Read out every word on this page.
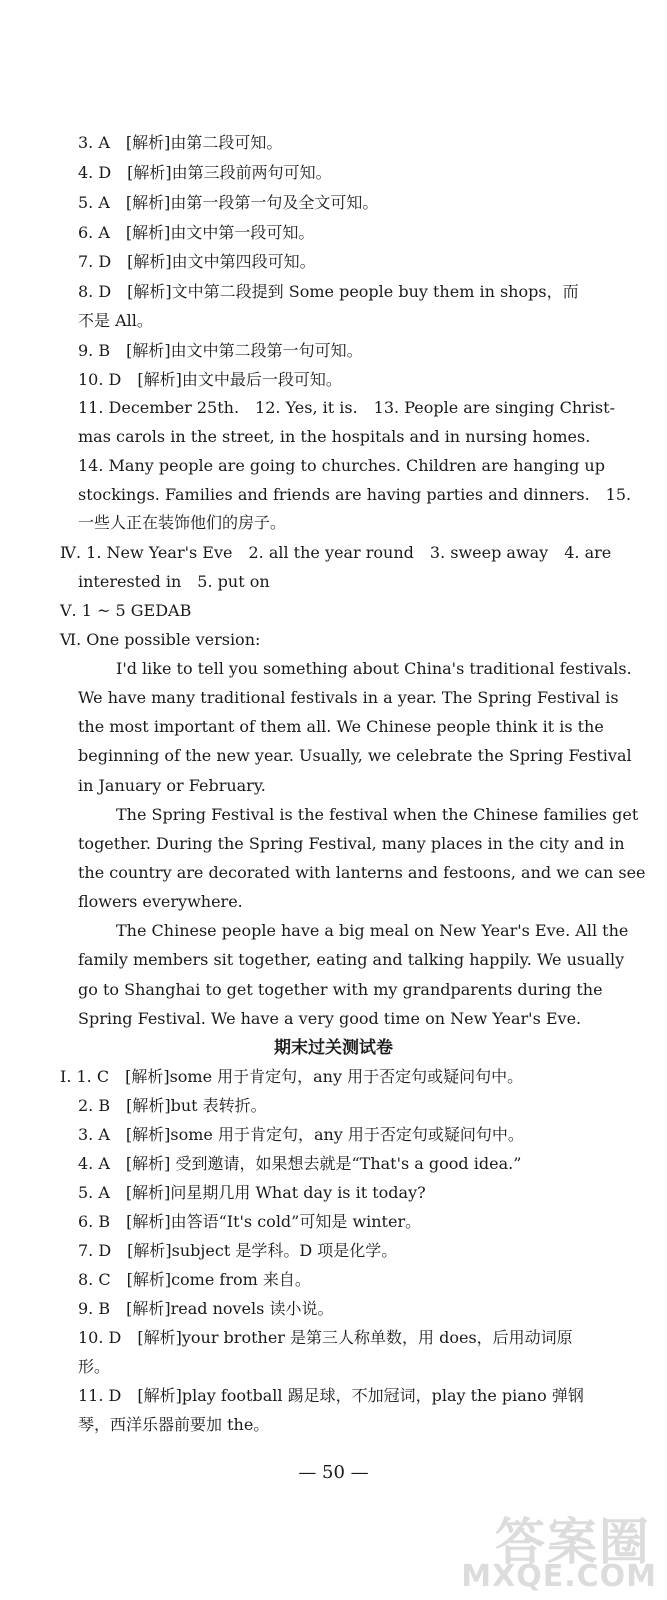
3. A　[解析]由第二段可知。
4. D　[解析]由第三段前两句可知。
5. A　[解析]由第一段第一句及全文可知。
6. A　[解析]由文中第一段可知。
7. D　[解析]由文中第四段可知。
8. D　[解析]文中第二段提到 Some people buy them in shops，而
不是 All。
9. B　[解析]由文中第二段第一句可知。
10. D　[解析]由文中最后一段可知。
11. December 25th.　12. Yes, it is.　13. People are singing Christ-
mas carols in the street, in the hospitals and in nursing homes.
14. Many people are going to churches. Children are hanging up
stockings. Families and friends are having parties and dinners.　15.
一些人正在装饰他们的房子。
Ⅳ. 1. New Year's Eve　2. all the year round　3. sweep away　4. are
interested in　5. put on
Ⅴ. 1 ~ 5 GEDAB
Ⅵ. One possible version:
I'd like to tell you something about China's traditional festivals.
We have many traditional festivals in a year. The Spring Festival is
the most important of them all. We Chinese people think it is the
beginning of the new year. Usually, we celebrate the Spring Festival
in January or February.
The Spring Festival is the festival when the Chinese families get
together. During the Spring Festival, many places in the city and in
the country are decorated with lanterns and festoons, and we can see
flowers everywhere.
The Chinese people have a big meal on New Year's Eve. All the
family members sit together, eating and talking happily. We usually
go to Shanghai to get together with my grandparents during the
Spring Festival. We have a very good time on New Year's Eve.
期末过关测试卷
Ⅰ. 1. C　[解析]some 用于肯定句，any 用于否定句或疑问句中。
2. B　[解析]but 表转折。
3. A　[解析]some 用于肯定句，any 用于否定句或疑问句中。
4. A　[解析] 受到邀请，如果想去就是“That's a good idea.”
5. A　[解析]问星期几用 What day is it today?
6. B　[解析]由答语“It's cold”可知是 winter。
7. D　[解析]subject 是学科。D 项是化学。
8. C　[解析]come from 来自。
9. B　[解析]read novels 读小说。
10. D　[解析]your brother 是第三人称单数，用 does，后用动词原
形。
11. D　[解析]play football 踢足球，不加冠词，play the piano 弹钢
琴，西洋乐器前要加 the。
— 50 —
答案圈
MXQE.COM
